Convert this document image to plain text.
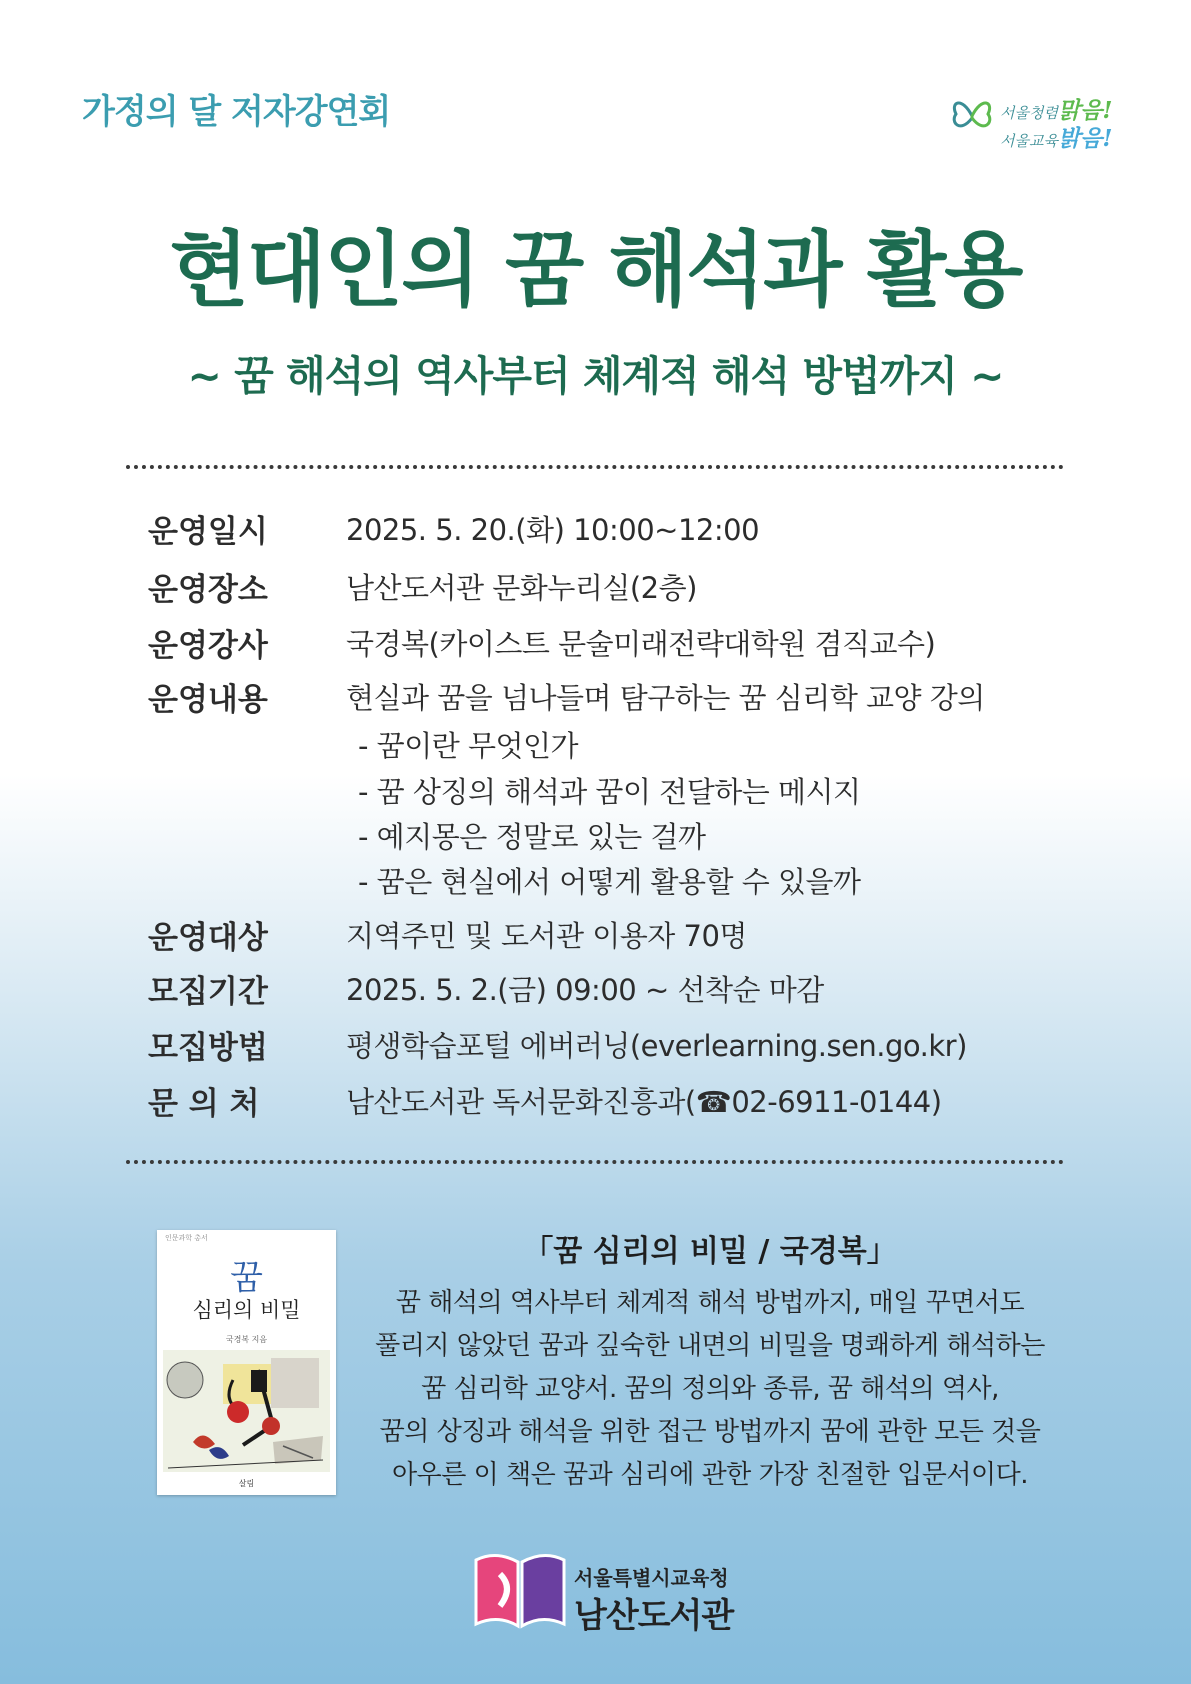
가정의 달 저자강연회	서울청렴맑음!
서울교육밝음!
현대인의 꿈 해석과 활용
~ 꿈 해석의 역사부터 체계적 해석 방법까지 ~
운영일시	2025. 5. 20.(화) 10:00~12:00
운영장소	남산도서관 문화누리실(2층)
운영강사	국경복(카이스트 문술미래전략대학원 겸직교수)
운영내용	현실과 꿈을 넘나들며 탐구하는 꿈 심리학 교양 강의
- 꿈이란 무엇인가
- 꿈 상징의 해석과 꿈이 전달하는 메시지
- 예지몽은 정말로 있는 걸까
- 꿈은 현실에서 어떻게 활용할 수 있을까
운영대상	지역주민 및 도서관 이용자 70명
모집기간	2025. 5. 2.(금) 09:00 ~ 선착순 마감
모집방법	평생학습포털 에버러닝(everlearning.sen.go.kr)
문 의 처	남산도서관 독서문화진흥과(☎02-6911-0144)
인문과학 총서
꿈
심리의 비밀
국경복 지음
살림
「꿈 심리의 비밀 / 국경복」
꿈 해석의 역사부터 체계적 해석 방법까지, 매일 꾸면서도
풀리지 않았던 꿈과 깊숙한 내면의 비밀을 명쾌하게 해석하는
꿈 심리학 교양서. 꿈의 정의와 종류, 꿈 해석의 역사,
꿈의 상징과 해석을 위한 접근 방법까지 꿈에 관한 모든 것을
아우른 이 책은 꿈과 심리에 관한 가장 친절한 입문서이다.
서울특별시교육청
남산도서관
